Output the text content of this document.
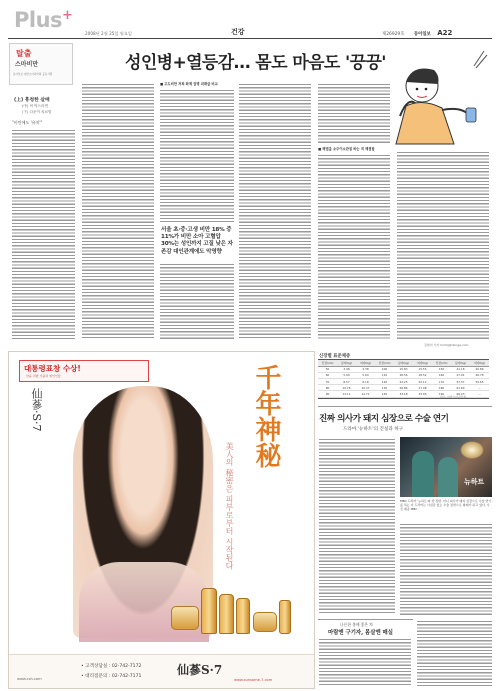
Plus+
2008년 2월 25일 월요일	건강	제26929호 동아일보 A22
탈출
스마비만
동아일보·대한소아과학회 공동기획
(上) 흥청한 살배
(中) 씨 먹으라면
(下) 다운이 치료법
"비만에도 '유치'"
성인병+열등감… 몸도 마음도 '끙끙'
■ 고도비만 저희 화제 질병 외래급 비교
서울 초·중·고생 비만 18% 중 11%가 비만 소아 고혈압 30%는 성인까지 고질 낮은 자존감 대인관계에도 악영향
■ 해열을 소주이소관점 바는 적 해결함
김현지 기자 kimhj@donga.com
신장별 표준체중
신장(cm)	남자(kg)	여자(kg)	신장(cm)	남자(kg)	여자(kg)	신장(cm)	남자(kg)	여자(kg)
50	3.46	3.38	100	15.83	15.55	150	41.18	40.86
60	5.90	5.64	110	18.56	18.52	160	47.91	46.78
70	8.57	8.18	120	22.25	22.12	170	57.37	55.65
80	10.76	10.37	130	26.86	27.08	180	61.80	--
90	13.11	12.71	140	33.18	33.05	190	66.23	--
자료: 대한소아과학회
대통령표창 수상!
한을 처방 기품과 명인인물
仙蔘·S·7	千年神秘
美人의 秘密은 피부로부터 시작된다
www.csh.com
• 고객상담실 : 02-742-7172
• 대리점문의 : 02-742-7171	仙蔘S·7
www.sunsame-7.com
진짜 의사가 돼지 심장으로 수술 연기
드라마 '뉴하트'의 진실과 허구
뉴하트
MBC 드라마 '뉴하트'의 한 장면. 미니 의사가 돼지 심장으로 수술 연기를 하는 이 드라마는 사실감 있는 수술 장면으로 화제가 되고 있다. 사진 제공 MBC
나른한 봄에 좋은 차
마람엔 구기자, 몸살엔 매실
